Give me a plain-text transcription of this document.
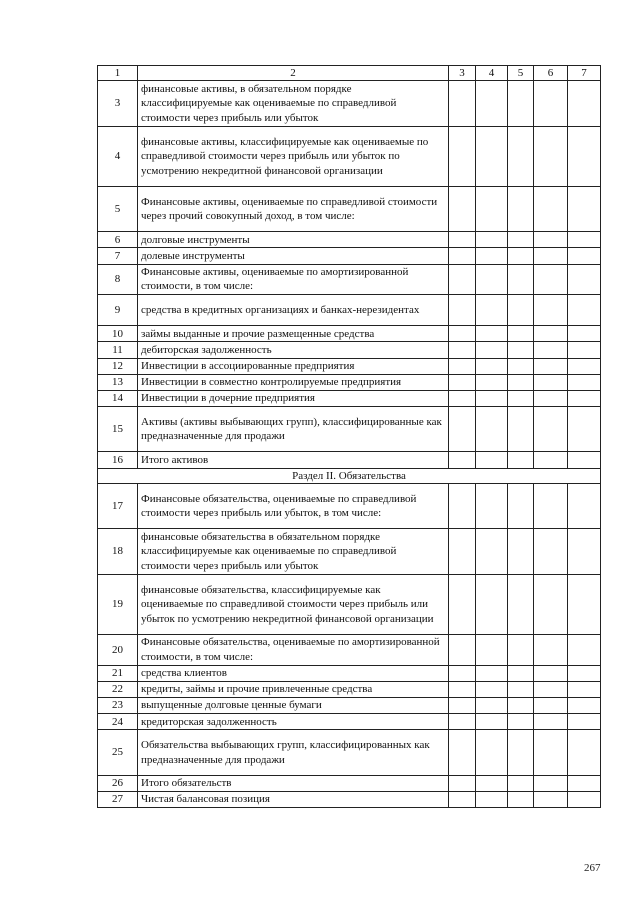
1	2	3	4	5	6	7
3	финансовые активы, в обязательном порядке классифицируемые как оцениваемые по справедливой стоимости через прибыль или убыток					
4	финансовые активы, классифицируемые как оцениваемые по справедливой стоимости через прибыль или убыток по усмотрению некредитной финансовой организации					
5	Финансовые активы, оцениваемые по справедливой стоимости через прочий совокупный доход, в том числе:					
6	долговые инструменты					
7	долевые инструменты					
8	Финансовые активы, оцениваемые по амортизированной стоимости, в том числе:					
9	средства в кредитных организациях и банках-нерезидентах					
10	займы выданные и прочие размещенные средства					
11	дебиторская задолженность					
12	Инвестиции в ассоциированные предприятия					
13	Инвестиции в совместно контролируемые предприятия					
14	Инвестиции в дочерние предприятия					
15	Активы (активы выбывающих групп), классифицированные как предназначенные для продажи					
16	Итого активов					
Раздел II. Обязательства						
17	Финансовые обязательства, оцениваемые по справедливой стоимости через прибыль или убыток, в том числе:					
18	финансовые обязательства в обязательном порядке классифицируемые как оцениваемые по справедливой стоимости через прибыль или убыток					
19	финансовые обязательства, классифицируемые как оцениваемые по справедливой стоимости через прибыль или убыток по усмотрению некредитной финансовой организации					
20	Финансовые обязательства, оцениваемые по амортизированной стоимости, в том числе:					
21	средства клиентов					
22	кредиты, займы и прочие привлеченные средства					
23	выпущенные долговые ценные бумаги					
24	кредиторская задолженность					
25	Обязательства выбывающих групп, классифицированных как предназначенные для продажи					
26	Итого обязательств					
27	Чистая балансовая позиция					
267
